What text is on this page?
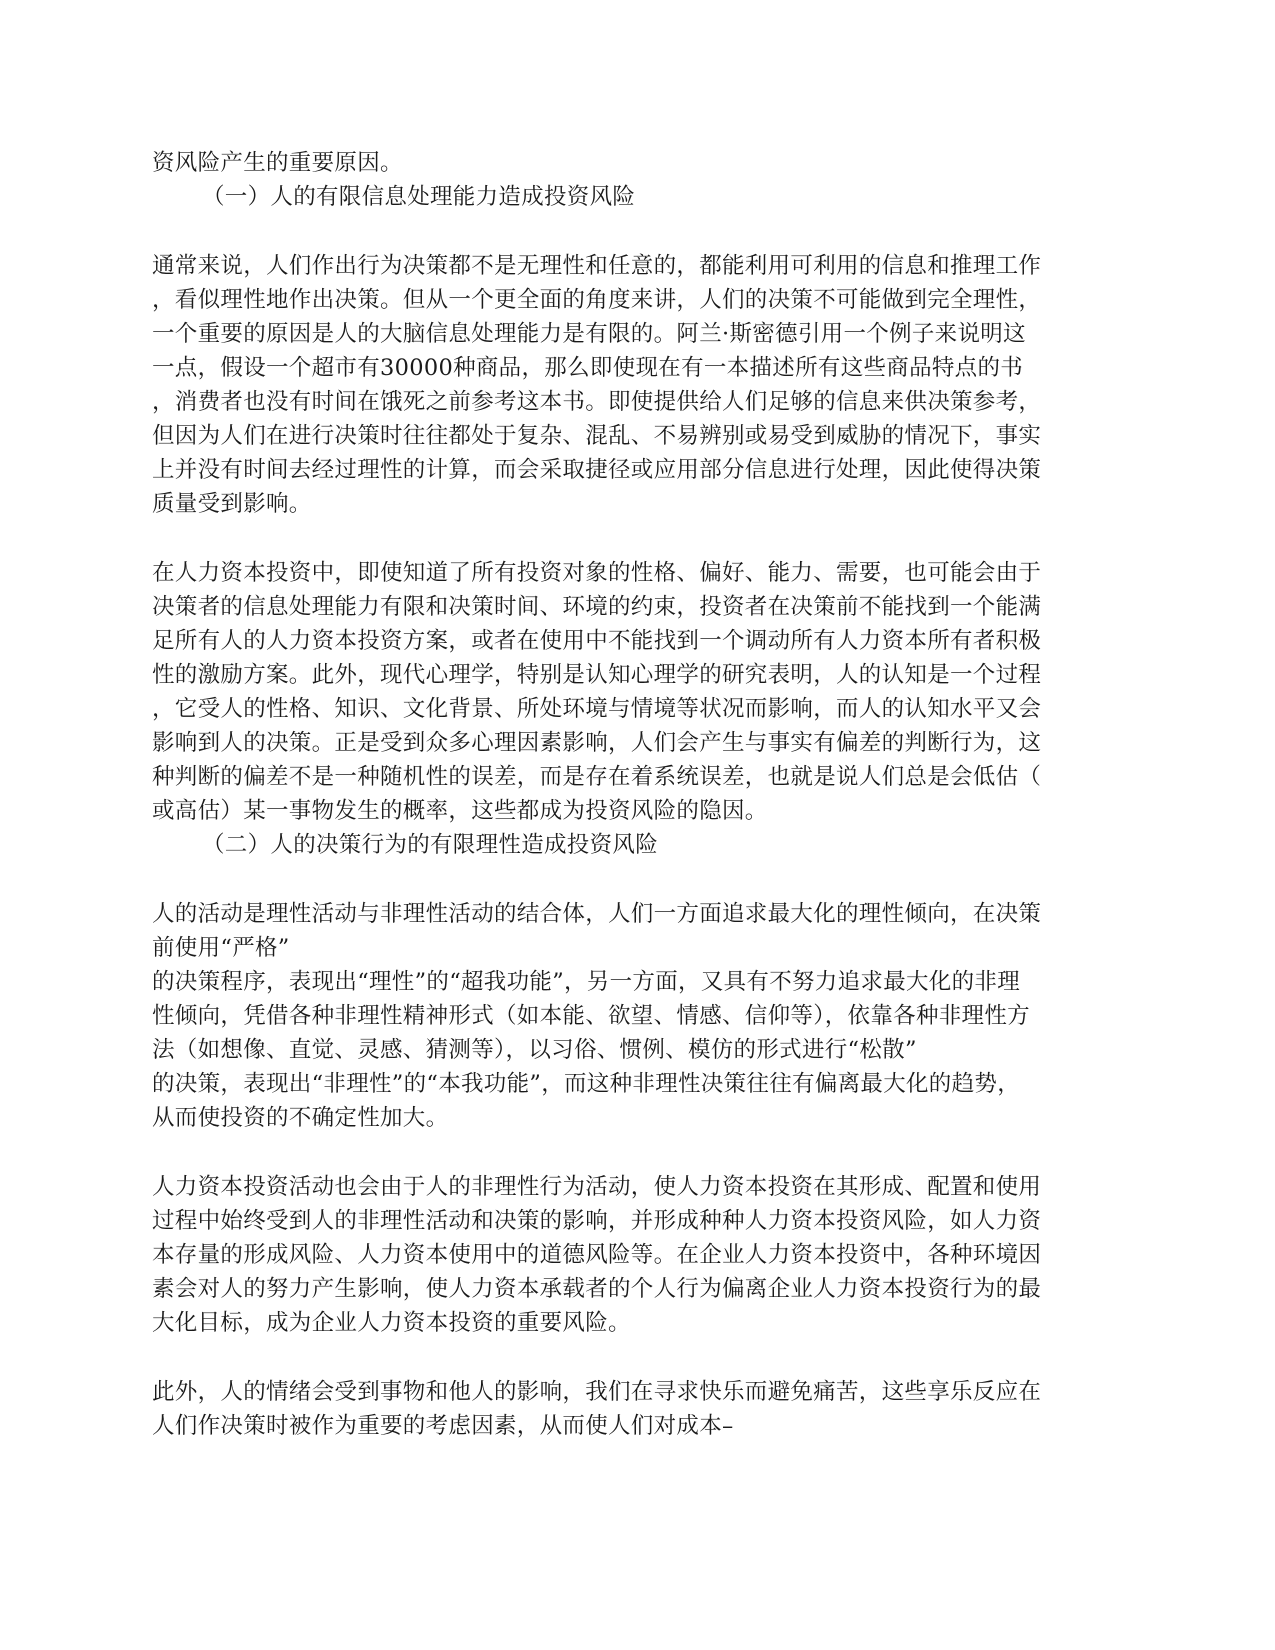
资风险产生的重要原因。
（一）人的有限信息处理能力造成投资风险
通常来说，人们作出行为决策都不是无理性和任意的，都能利用可利用的信息和推理工作
，看似理性地作出决策。但从一个更全面的角度来讲，人们的决策不可能做到完全理性，
一个重要的原因是人的大脑信息处理能力是有限的。阿兰·斯密德引用一个例子来说明这
一点，假设一个超市有30000种商品，那么即使现在有一本描述所有这些商品特点的书
，消费者也没有时间在饿死之前参考这本书。即使提供给人们足够的信息来供决策参考，
但因为人们在进行决策时往往都处于复杂、混乱、不易辨别或易受到威胁的情况下，事实
上并没有时间去经过理性的计算，而会采取捷径或应用部分信息进行处理，因此使得决策
质量受到影响。
在人力资本投资中，即使知道了所有投资对象的性格、偏好、能力、需要，也可能会由于
决策者的信息处理能力有限和决策时间、环境的约束，投资者在决策前不能找到一个能满
足所有人的人力资本投资方案，或者在使用中不能找到一个调动所有人力资本所有者积极
性的激励方案。此外，现代心理学，特别是认知心理学的研究表明，人的认知是一个过程
，它受人的性格、知识、文化背景、所处环境与情境等状况而影响，而人的认知水平又会
影响到人的决策。正是受到众多心理因素影响，人们会产生与事实有偏差的判断行为，这
种判断的偏差不是一种随机性的误差，而是存在着系统误差，也就是说人们总是会低估（
或高估）某一事物发生的概率，这些都成为投资风险的隐因。
（二）人的决策行为的有限理性造成投资风险
人的活动是理性活动与非理性活动的结合体，人们一方面追求最大化的理性倾向，在决策
前使用“严格”
的决策程序，表现出“理性”的“超我功能”，另一方面，又具有不努力追求最大化的非理
性倾向，凭借各种非理性精神形式（如本能、欲望、情感、信仰等），依靠各种非理性方
法（如想像、直觉、灵感、猜测等），以习俗、惯例、模仿的形式进行“松散”
的决策，表现出“非理性”的“本我功能”，而这种非理性决策往往有偏离最大化的趋势，
从而使投资的不确定性加大。
人力资本投资活动也会由于人的非理性行为活动，使人力资本投资在其形成、配置和使用
过程中始终受到人的非理性活动和决策的影响，并形成种种人力资本投资风险，如人力资
本存量的形成风险、人力资本使用中的道德风险等。在企业人力资本投资中，各种环境因
素会对人的努力产生影响，使人力资本承载者的个人行为偏离企业人力资本投资行为的最
大化目标，成为企业人力资本投资的重要风险。
此外，人的情绪会受到事物和他人的影响，我们在寻求快乐而避免痛苦，这些享乐反应在
人们作决策时被作为重要的考虑因素，从而使人们对成本–
